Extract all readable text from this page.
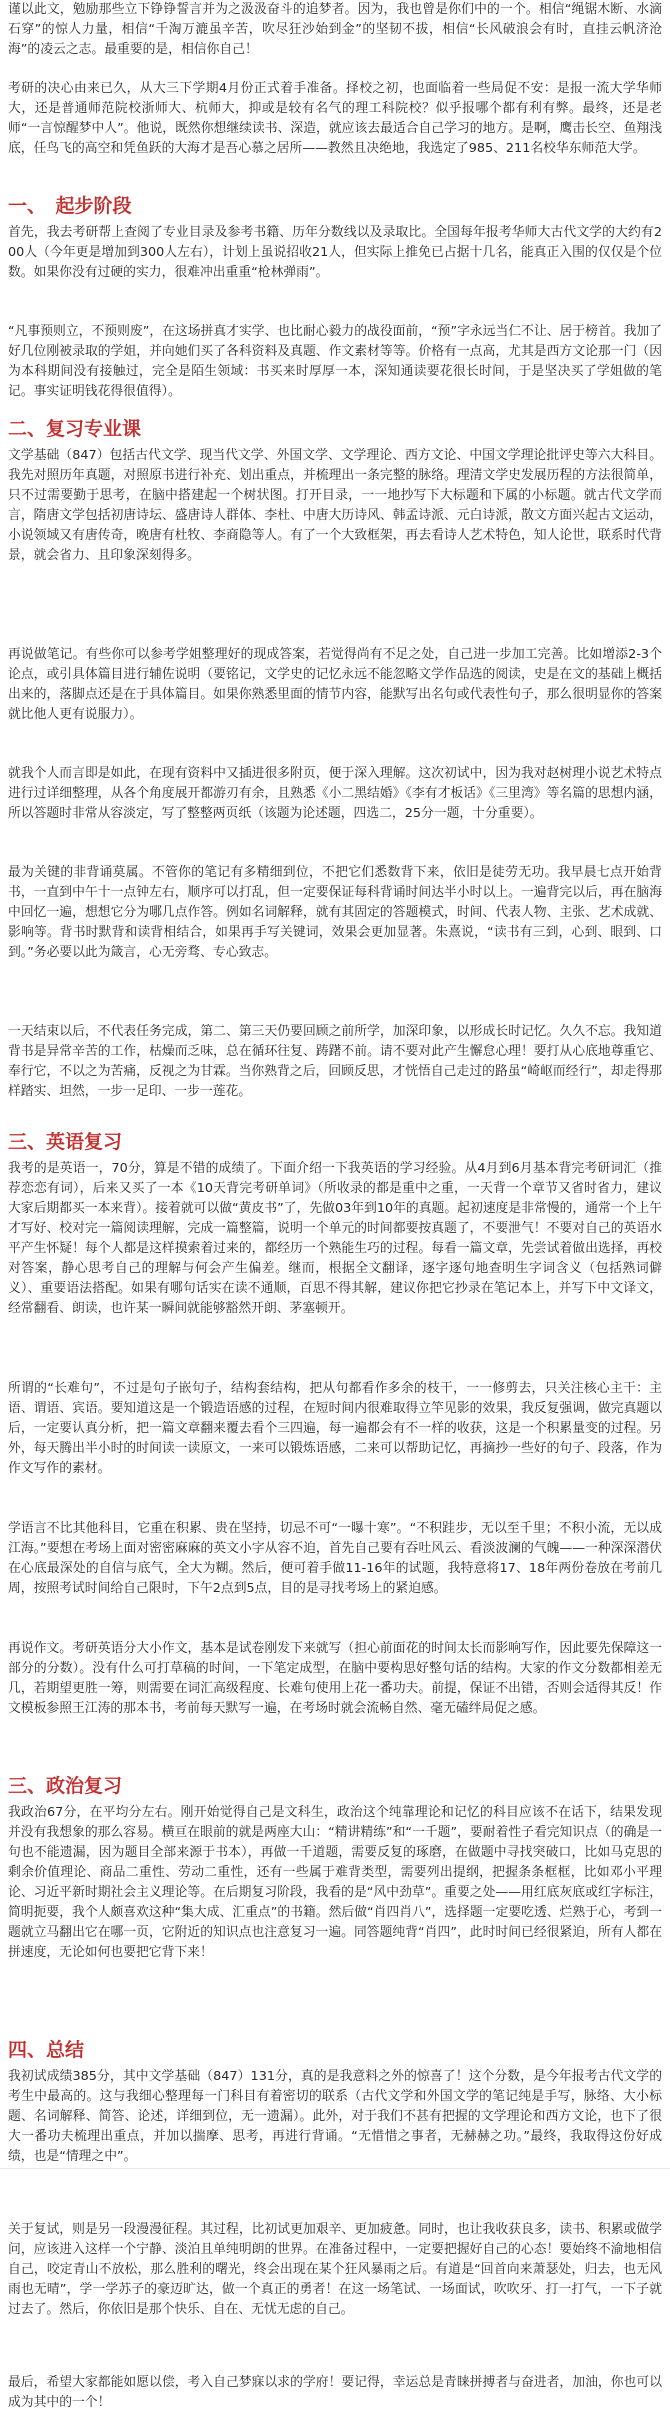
谨以此文，勉励那些立下铮铮誓言并为之汲汲奋斗的追梦者。因为，我也曾是你们中的一个。相信“绳锯木断、水滴石穿”的惊人力量，相信“千淘万漉虽辛苦，吹尽狂沙始到金”的坚韧不拔，相信“长风破浪会有时，直挂云帆济沧海”的凌云之志。最重要的是，相信你自己！

考研的决心由来已久，从大三下学期4月份正式着手准备。择校之初，也面临着一些局促不安：是报一流大学华师大，还是普通师范院校浙师大、杭师大，抑或是较有名气的理工科院校？似乎报哪个都有利有弊。最终，还是老师“一言惊醒梦中人”。他说，既然你想继续读书、深造，就应该去最适合自己学习的地方。是啊，鹰击长空、鱼翔浅底，任鸟飞的高空和凭鱼跃的大海才是吾心慕之居所——教然且决绝地，我选定了985、211名校华东师范大学。

一、　起步阶段

首先，我去考研帮上查阅了专业目录及参考书籍、历年分数线以及录取比。全国每年报考华师大古代文学的大约有200人（今年更是增加到300人左右），计划上虽说招收21人，但实际上推免已占据十几名，能真正入围的仅仅是个位数。如果你没有过硬的实力，很难冲出重重“枪林弹雨”。

“凡事预则立，不预则废”，在这场拼真才实学、也比耐心毅力的战役面前，“预”字永远当仁不让、居于榜首。我加了好几位刚被录取的学姐，并向她们买了各科资料及真题、作文素材等等。价格有一点高，尤其是西方文论那一门（因为本科期间没有接触过，完全是陌生领域：书买来时厚厚一本，深知通读要花很长时间，于是坚决买了学姐做的笔记。事实证明钱花得很值得）。

二、复习专业课

文学基础（847）包括古代文学、现当代文学、外国文学、文学理论、西方文论、中国文学理论批评史等六大科目。我先对照历年真题，对照原书进行补充、划出重点，并梳理出一条完整的脉络。理清文学史发展历程的方法很简单，只不过需要勤于思考，在脑中搭建起一个树状图。打开目录，一一地抄写下大标题和下属的小标题。就古代文学而言，隋唐文学包括初唐诗坛、盛唐诗人群体、李杜、中唐大历诗风、韩孟诗派、元白诗派，散文方面兴起古文运动，小说领域又有唐传奇，晚唐有杜牧、李商隐等人。有了一个大致框架，再去看诗人艺术特色，知人论世，联系时代背景，就会省力、且印象深刻得多。

再说做笔记。有些你可以参考学姐整理好的现成答案，若觉得尚有不足之处，自己进一步加工完善。比如增添2-3个论点，或引具体篇目进行辅佐说明（要铭记，文学史的记忆永远不能忽略文学作品选的阅读，史是在文的基础上概括出来的，落脚点还是在于具体篇目。如果你熟悉里面的情节内容，能默写出名句或代表性句子，那么很明显你的答案就比他人更有说服力）。

就我个人而言即是如此，在现有资料中又插进很多附页，便于深入理解。这次初试中，因为我对赵树理小说艺术特点进行过详细整理，从各个角度展开都游刃有余，且熟悉《小二黑结婚》《李有才板话》《三里湾》等名篇的思想内涵，所以答题时非常从容淡定，写了整整两页纸（该题为论述题，四选二，25分一题，十分重要）。

最为关键的非背诵莫属。不管你的笔记有多精细到位，不把它们悉数背下来，依旧是徒劳无功。我早晨七点开始背书，一直到中午十一点钟左右，顺序可以打乱，但一定要保证每科背诵时间达半小时以上。一遍背完以后，再在脑海中回忆一遍，想想它分为哪几点作答。例如名词解释，就有其固定的答题模式，时间、代表人物、主张、艺术成就、影响等。背书时默背和读背相结合，如果再手写关键词，效果会更加显著。朱熹说，“读书有三到，心到、眼到、口到。”务必要以此为箴言，心无旁骛、专心致志。

一天结束以后，不代表任务完成，第二、第三天仍要回顾之前所学，加深印象，以形成长时记忆。久久不忘。我知道背书是异常辛苦的工作，枯燥而乏味，总在循环往复、踌躇不前。请不要对此产生懈怠心理！要打从心底地尊重它、奉行它，不以之为苦痛，反视之为甘霖。当你熟背之后，回顾反思，才恍悟自己走过的路虽“崎岖而经行”，却走得那样踏实、坦然，一步一足印、一步一莲花。

三、英语复习

我考的是英语一，70分，算是不错的成绩了。下面介绍一下我英语的学习经验。从4月到6月基本背完考研词汇（推荐恋恋有词），后来又买了一本《10天背完考研单词》（所收录的都是重中之重，一天背一个章节又省时省力，建议大家后期都买一本来背）。接着就可以做“黄皮书”了，先做03年到10年的真题。起初速度是非常慢的，通常一个上午才写好、校对完一篇阅读理解，完成一篇整篇，说明一个单元的时间都要按真题了，不要泄气！不要对自己的英语水平产生怀疑！每个人都是这样摸索着过来的，都经历一个熟能生巧的过程。每看一篇文章，先尝试着做出选择，再校对答案，静心思考自己的理解与何会产生偏差。继而，根据全文翻译，逐字逐句地查明生字词含义（包括熟词僻义）、重要语法搭配。如果有哪句话实在读不通顺，百思不得其解，建议你把它抄录在笔记本上，并写下中文译文，经常翻看、朗读，也许某一瞬间就能够豁然开朗、茅塞顿开。

所谓的“长难句”，不过是句子嵌句子，结构套结构，把从句都看作多余的枝干，一一修剪去，只关注核心主干：主语、谓语、宾语。要知道这是一个锻造语感的过程，在短时间内很难取得立竿见影的效果，我反复强调，做完真题以后，一定要认真分析，把一篇文章翻来覆去看个三四遍，每一遍都会有不一样的收获，这是一个积累量变的过程。另外，每天腾出半小时的时间读一读原文，一来可以锻炼语感，二来可以帮助记忆，再摘抄一些好的句子、段落，作为作文写作的素材。

学语言不比其他科目，它重在积累、贵在坚持，切忌不可“一曝十寒”。“不积跬步，无以至千里；不积小流，无以成江海。”要想在考场上面对密密麻麻的英文小字从容不迫，首先自己要有吞吐风云、看淡波澜的气魄——一种深深潜伏在心底最深处的自信与底气，全大为糊。然后，便可着手做11-16年的试题，我特意将17、18年两份卷放在考前几周，按照考试时间给自己限时，下午2点到5点，目的是寻找考场上的紧迫感。

再说作文。考研英语分大小作文，基本是试卷刚发下来就写（担心前面花的时间太长而影响写作，因此要先保障这一部分的分数）。没有什么可打草稿的时间，一下笔定成型，在脑中要构思好整句话的结构。大家的作文分数都相差无几，若期望更胜一筹，则需要在词汇高级程度、长难句使用上花一番功夫。前提，保证不出错，否则会适得其反！作文模板参照王江涛的那本书，考前每天默写一遍，在考场时就会流畅自然、毫无磕绊局促之感。

三、政治复习

我政治67分，在平均分左右。刚开始觉得自己是文科生，政治这个纯靠理论和记忆的科目应该不在话下，结果发现并没有我想象的那么容易。横亘在眼前的就是两座大山：“精讲精练”和“一千题”，要耐着性子看完知识点（的确是一句也不能遗漏，因为题目全部来源于书本），再做一千道题，需要反复的琢磨，在做题中寻找突破口，比如马克思的剩余价值理论、商品二重性、劳动二重性，还有一些属于难背类型，需要列出提纲，把握条条框框，比如邓小平理论、习近平新时期社会主义理论等。在后期复习阶段，我看的是“风中劲草”。重要之处——用红底灰底或红字标注，简明扼要，我个人颇喜欢这种“集大成、汇重点”的书籍。然后做“肖四肖八”，选择题一定要吃透、烂熟于心，考到一题就立马翻出它在哪一页，它附近的知识点也注意复习一遍。同答题纯背“肖四”，此时时间已经很紧迫，所有人都在拼速度，无论如何也要把它背下来！

四、总结

我初试成绩385分，其中文学基础（847）131分，真的是我意料之外的惊喜了！这个分数，是今年报考古代文学的考生中最高的。这与我细心整理每一门科目有着密切的联系（古代文学和外国文学的笔记纯是手写，脉络、大小标题、名词解释、简答、论述，详细到位，无一遗漏）。此外，对于我们不甚有把握的文学理论和西方文论，也下了很大一番功夫梳理出重点，并加以揣摩、思考，再进行背诵。“无惜惜之事者，无赫赫之功。”最终，我取得这份好成绩，也是“情理之中”。

关于复试，则是另一段漫漫征程。其过程，比初试更加艰辛、更加疲惫。同时，也让我收获良多，读书、积累或做学问，应该进入这样一个宁静、淡泊且单纯明朗的世界。在准备过程中，一定要把握好自己的心态！要始终不渝地相信自己，咬定青山不放松，那么胜利的曙光，终会出现在某个狂风暴雨之后。有道是“回首向来萧瑟处，归去，也无风雨也无晴”，学一学苏子的豪迈旷达，做一个真正的勇者！在这一场笔试、一场面试，吹吹牙、打一打气，一下子就过去了。然后，你依旧是那个快乐、自在、无忧无虑的自己。

最后，希望大家都能如愿以偿，考入自己梦寐以求的学府！要记得，幸运总是青睐拼搏者与奋进者，加油，你也可以成为其中的一个！
